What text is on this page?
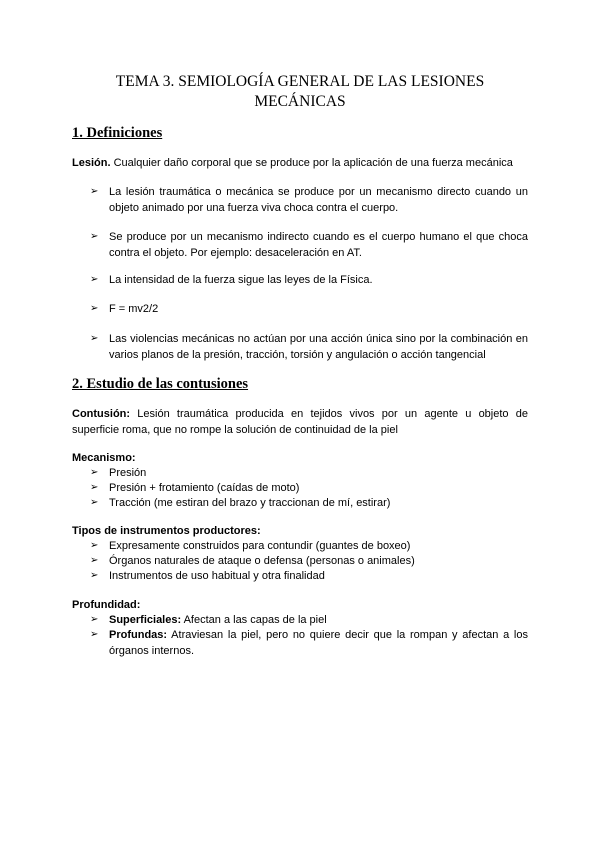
TEMA 3. SEMIOLOGÍA GENERAL DE LAS LESIONES
MECÁNICAS
1. Definiciones
Lesión. Cualquier daño corporal que se produce por la aplicación de una fuerza mecánica
➢ La lesión traumática o mecánica se produce por un mecanismo directo cuando un objeto animado por una fuerza viva choca contra el cuerpo.
➢ Se produce por un mecanismo indirecto cuando es el cuerpo humano el que choca contra el objeto. Por ejemplo: desaceleración en AT.
➢ La intensidad de la fuerza sigue las leyes de la Física.
➢ F = mv2/2
➢ Las violencias mecánicas no actúan por una acción única sino por la combinación en varios planos de la presión, tracción, torsión y angulación o acción tangencial
2. Estudio de las contusiones
Contusión: Lesión traumática producida en tejidos vivos por un agente u objeto de superficie roma, que no rompe la solución de continuidad de la piel
Mecanismo:
➢ Presión
➢ Presión + frotamiento (caídas de moto)
➢ Tracción (me estiran del brazo y traccionan de mí, estirar)
Tipos de instrumentos productores:
➢ Expresamente construidos para contundir (guantes de boxeo)
➢ Órganos naturales de ataque o defensa (personas o animales)
➢ Instrumentos de uso habitual y otra finalidad
Profundidad:
➢ Superficiales: Afectan a las capas de la piel
➢ Profundas: Atraviesan la piel, pero no quiere decir que la rompan y afectan a los órganos internos.
